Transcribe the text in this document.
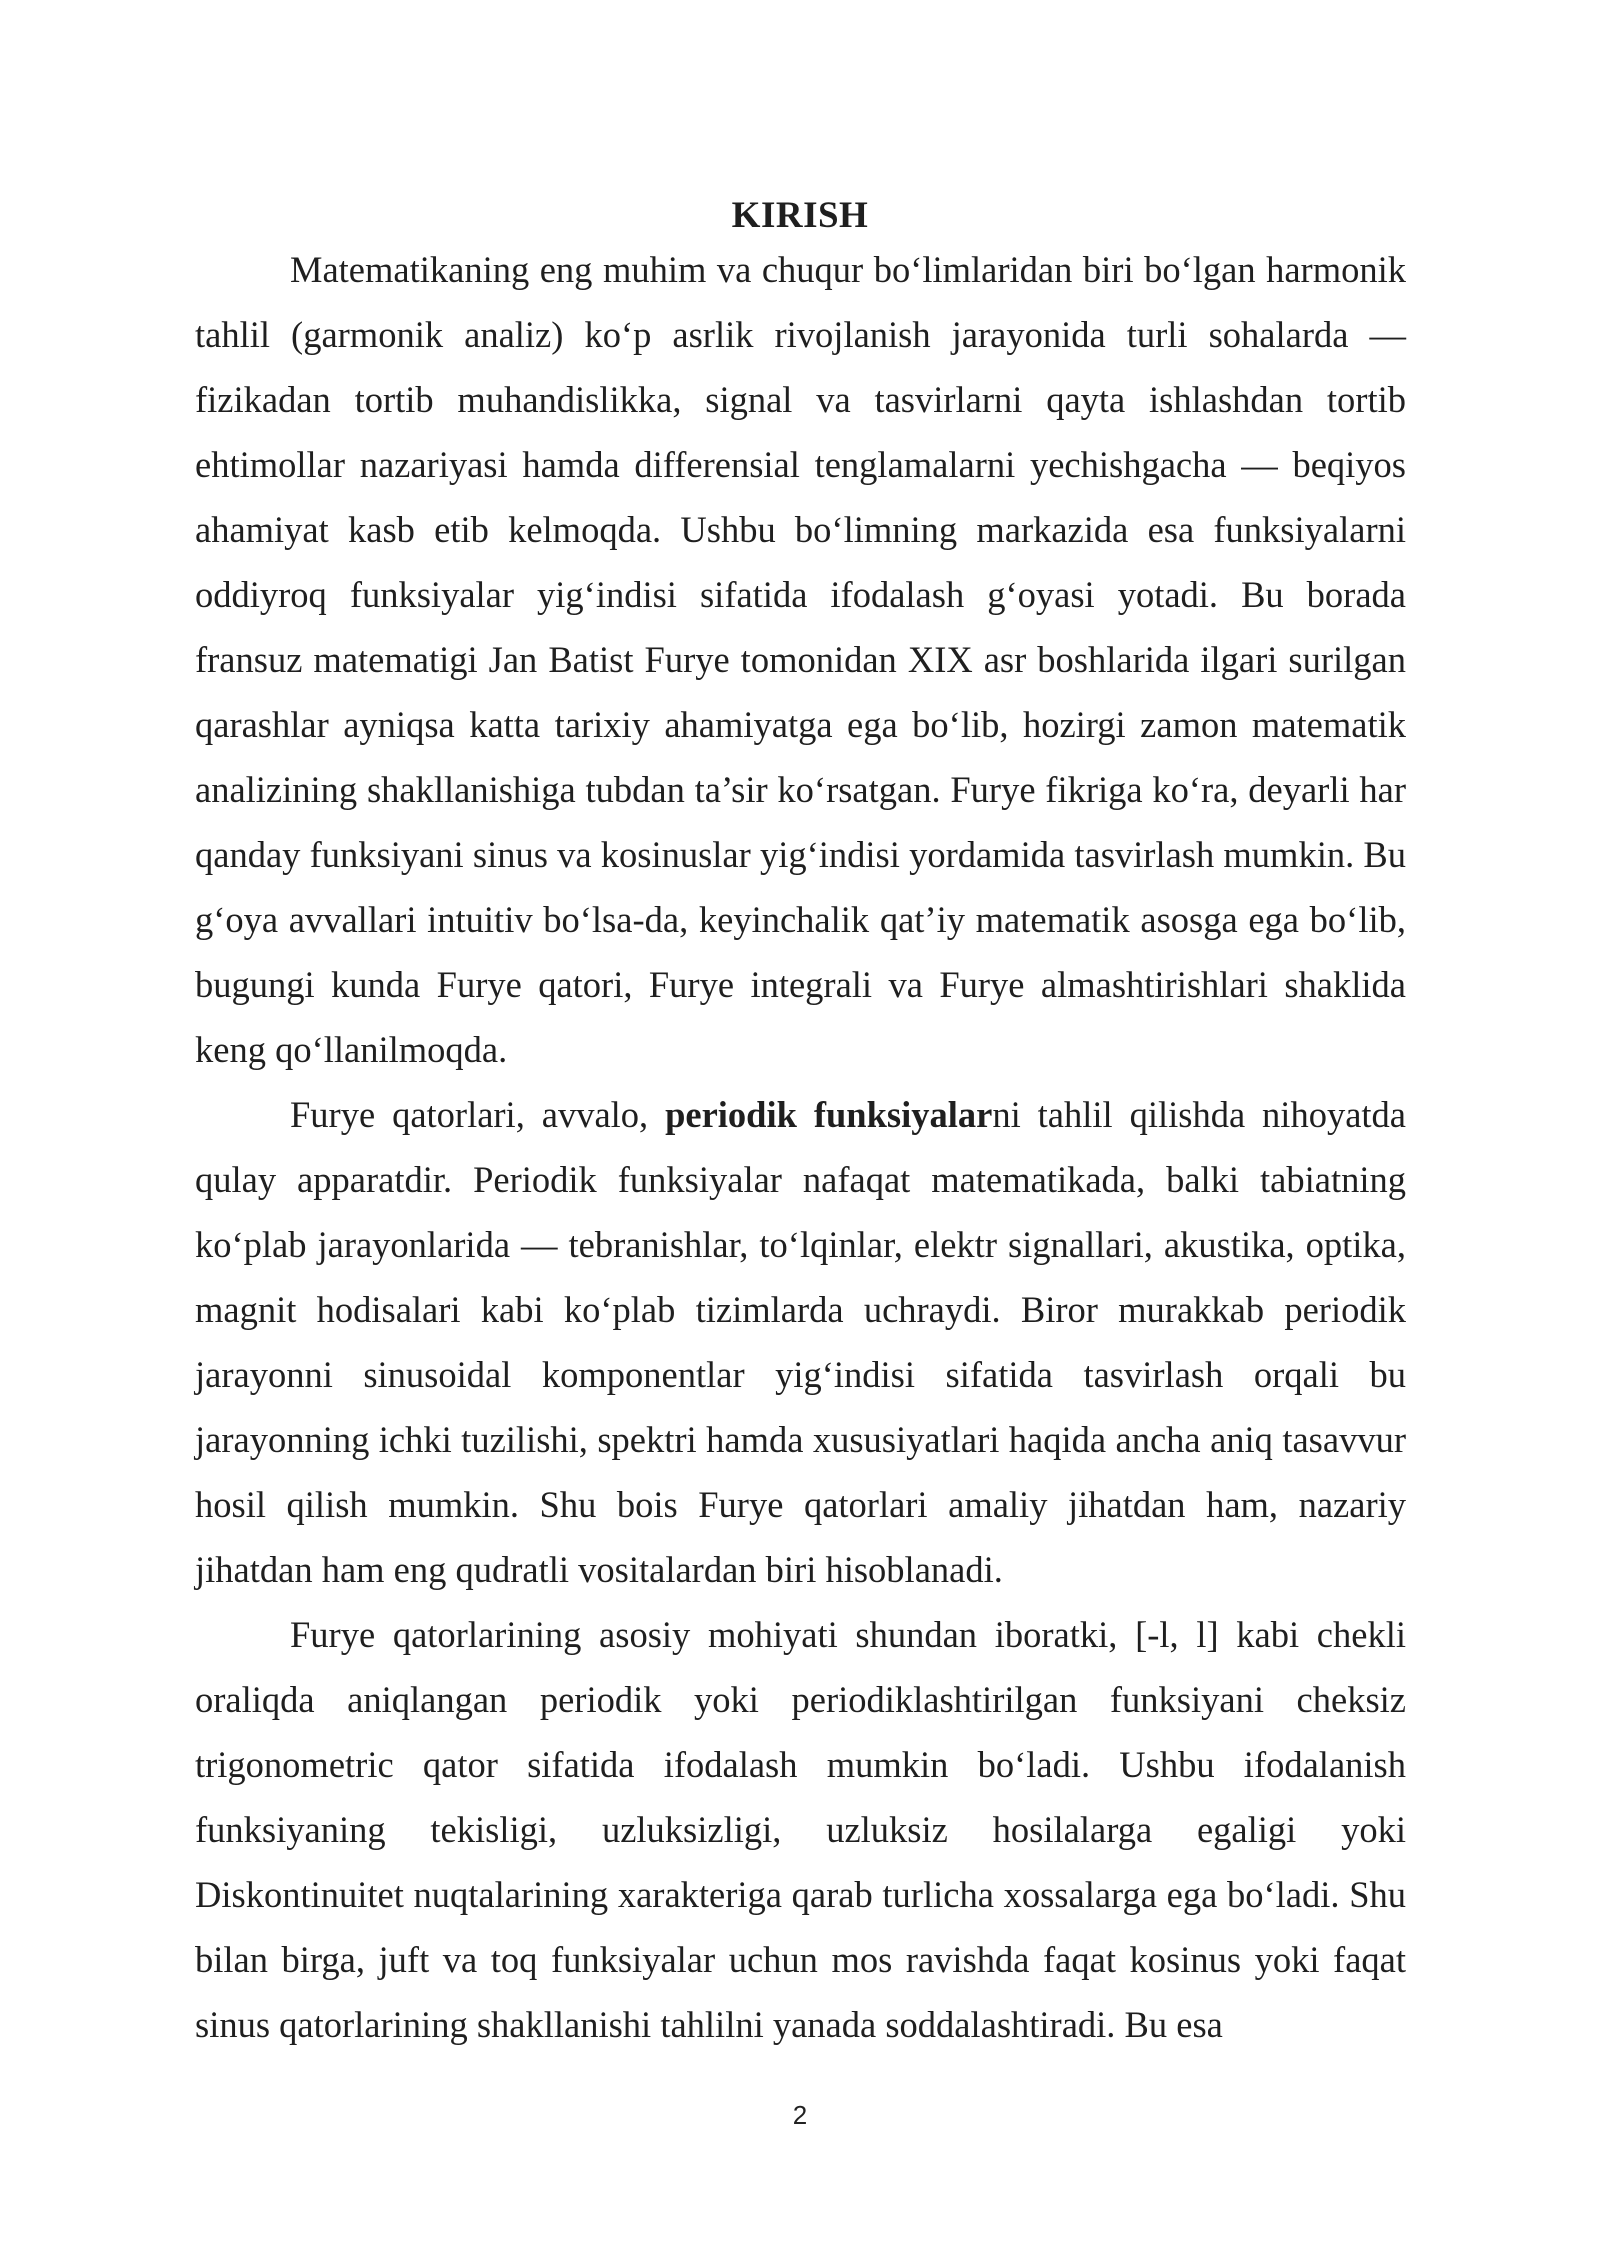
KIRISH

Matematikaning eng muhim va chuqur bo‘limlaridan biri bo‘lgan harmonik tahlil (garmonik analiz) ko‘p asrlik rivojlanish jarayonida turli sohalarda — fizikadan tortib muhandislikka, signal va tasvirlarni qayta ishlashdan tortib ehtimollar nazariyasi hamda differensial tenglamalarni yechishgacha — beqiyos ahamiyat kasb etib kelmoqda. Ushbu bo‘limning markazida esa funksiyalarni oddiyroq funksiyalar yig‘indisi sifatida ifodalash g‘oyasi yotadi. Bu borada fransuz matematigi Jan Batist Furye tomonidan XIX asr boshlarida ilgari surilgan qarashlar ayniqsa katta tarixiy ahamiyatga ega bo‘lib, hozirgi zamon matematik analizining shakllanishiga tubdan ta’sir ko‘rsatgan. Furye fikriga ko‘ra, deyarli har qanday funksiyani sinus va kosinuslar yig‘indisi yordamida tasvirlash mumkin. Bu g‘oya avvallari intuitiv bo‘lsa-da, keyinchalik qat’iy matematik asosga ega bo‘lib, bugungi kunda Furye qatori, Furye integrali va Furye almashtirishlari shaklida keng qo‘llanilmoqda.

Furye qatorlari, avvalo, periodik funksiyalarni tahlil qilishda nihoyatda qulay apparatdir. Periodik funksiyalar nafaqat matematikada, balki tabiatning ko‘plab jarayonlarida — tebranishlar, to‘lqinlar, elektr signallari, akustika, optika, magnit hodisalari kabi ko‘plab tizimlarda uchraydi. Biror murakkab periodik jarayonni sinusoidal komponentlar yig‘indisi sifatida tasvirlash orqali bu jarayonning ichki tuzilishi, spektri hamda xususiyatlari haqida ancha aniq tasavvur hosil qilish mumkin. Shu bois Furye qatorlari amaliy jihatdan ham, nazariy jihatdan ham eng qudratli vositalardan biri hisoblanadi.

Furye qatorlarining asosiy mohiyati shundan iboratki, [-l, l] kabi chekli oraliqda aniqlangan periodik yoki periodiklashtirilgan funksiyani cheksiz trigonometric qator sifatida ifodalash mumkin bo‘ladi. Ushbu ifodalanish funksiyaning tekisligi, uzluksizligi, uzluksiz hosilalarga egaligi yoki Diskontinuitet nuqtalarining xarakteriga qarab turlicha xossalarga ega bo‘ladi. Shu bilan birga, juft va toq funksiyalar uchun mos ravishda faqat kosinus yoki faqat sinus qatorlarining shakllanishi tahlilni yanada soddalashtiradi. Bu esa

2
